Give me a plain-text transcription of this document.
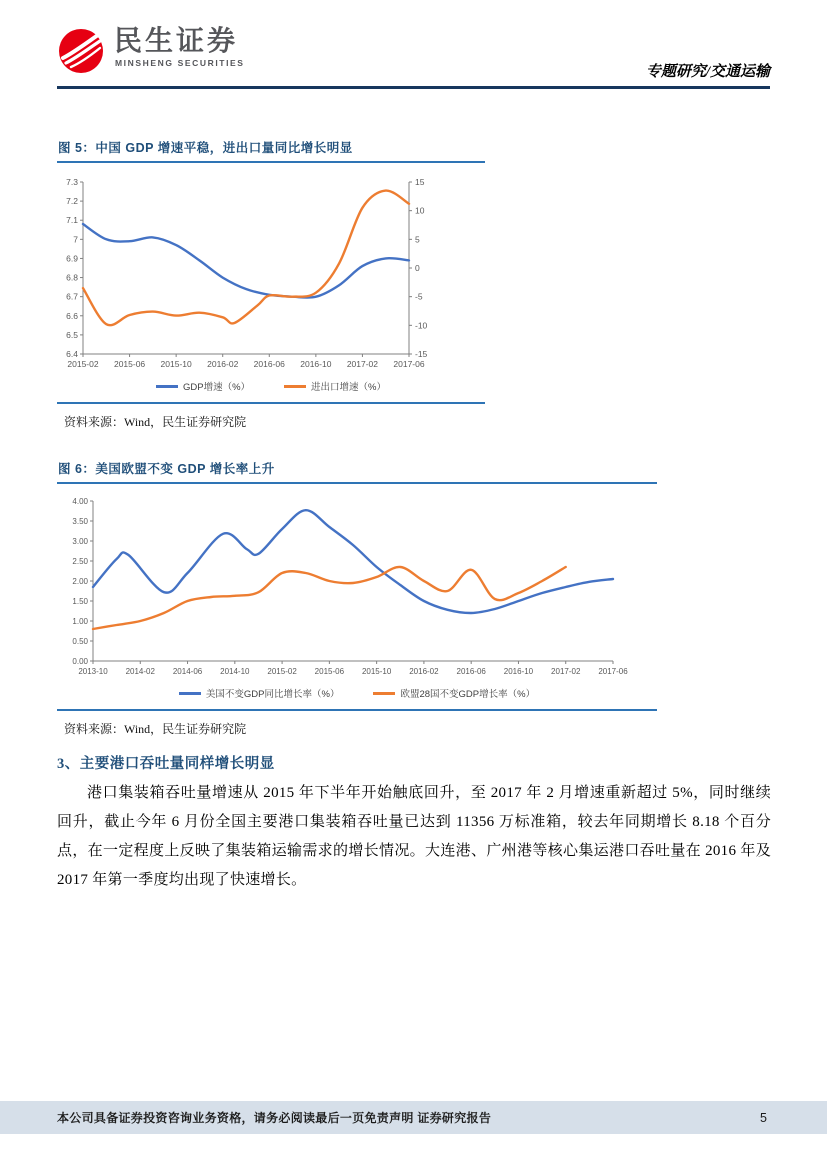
民生证券
MINSHENG SECURITIES
专题研究/交通运输
图 5：中国 GDP 增速平稳，进出口量同比增长明显
7.3
7.2
7.1
7
6.9
6.8
6.7
6.6
6.5
6.4
15
10
5
0
-5
-10
-15
2015-02 2015-06 2015-10 2016-02 2016-06 2016-10 2017-02 2017-06
GDP增速（%）	进出口增速（%）
资料来源：Wind，民生证券研究院
图 6：美国欧盟不变 GDP 增长率上升
4.00
3.50
3.00
2.50
2.00
1.50
1.00
0.50
0.00
2013-10 2014-02 2014-06 2014-10 2015-02 2015-06 2015-10 2016-02 2016-06 2016-10 2017-02 2017-06
美国不变GDP同比增长率（%）	欧盟28国不变GDP增长率（%）
资料来源：Wind，民生证券研究院
3、主要港口吞吐量同样增长明显
港口集装箱吞吐量增速从 2015 年下半年开始触底回升，至 2017 年 2 月增速重新超过 5%，同时继续回升，截止今年 6 月份全国主要港口集装箱吞吐量已达到 11356 万标准箱，较去年同期增长 8.18 个百分点，在一定程度上反映了集装箱运输需求的增长情况。大连港、广州港等核心集运港口吞吐量在 2016 年及 2017 年第一季度均出现了快速增长。
本公司具备证券投资咨询业务资格，请务必阅读最后一页免责声明 证券研究报告	5
